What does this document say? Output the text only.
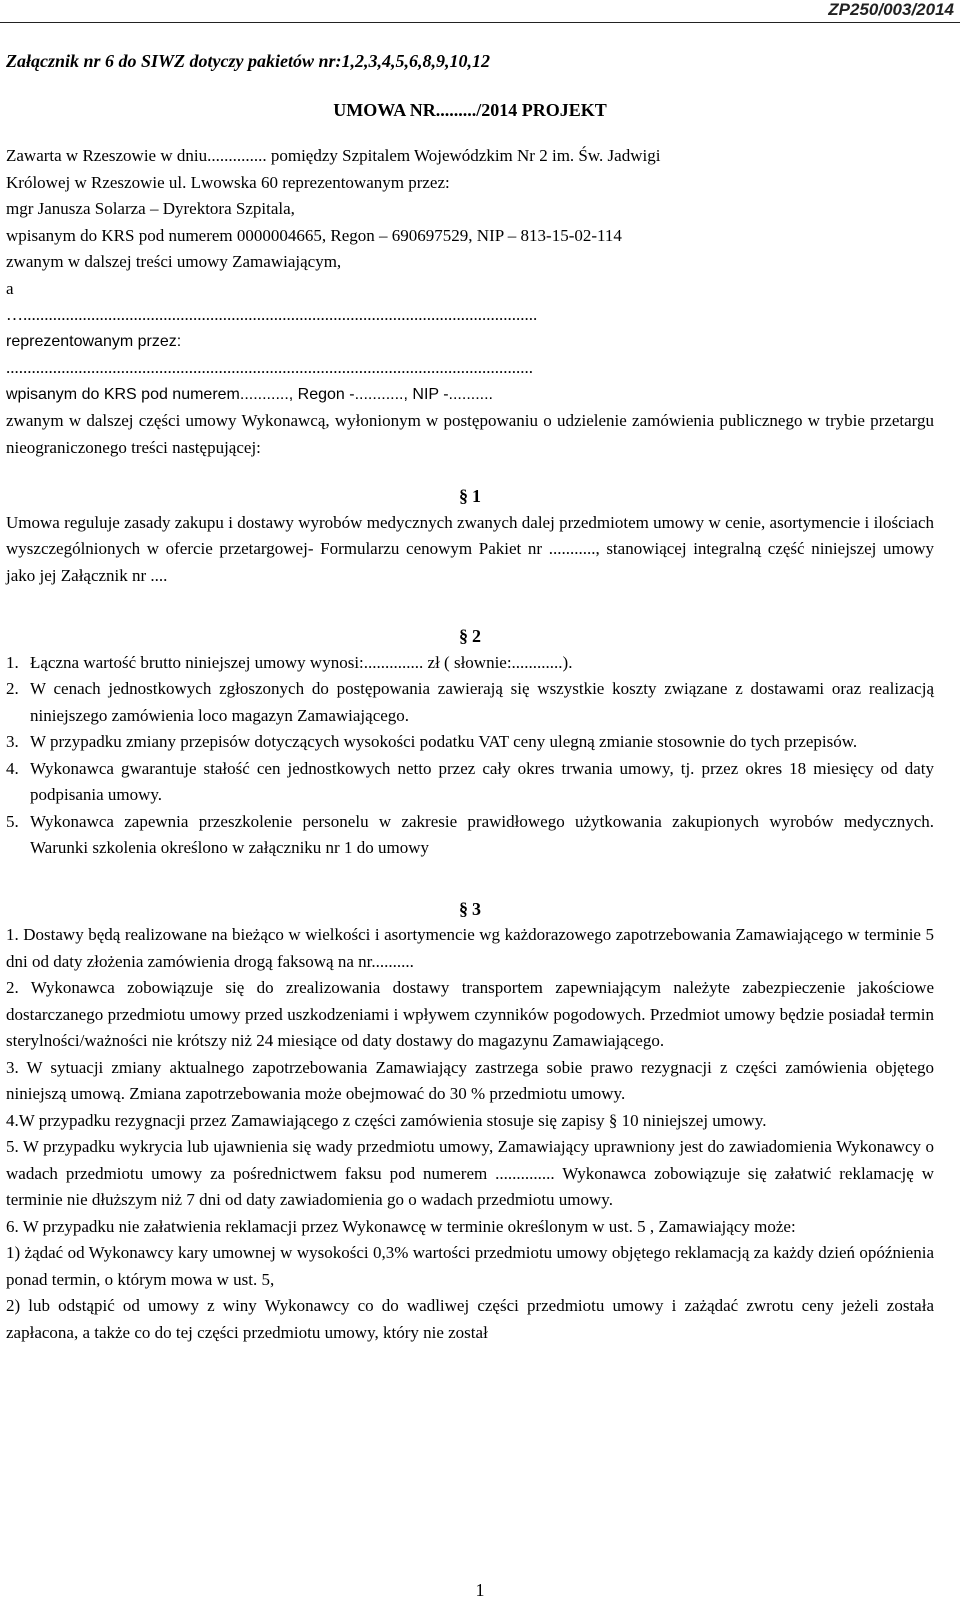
ZP250/003/2014

Załącznik nr 6 do SIWZ dotyczy pakietów nr:1,2,3,4,5,6,8,9,10,12

UMOWA NR........./2014 PROJEKT

Zawarta w Rzeszowie w dniu.............. pomiędzy Szpitalem Wojewódzkim Nr 2 im. Św. Jadwigi

Królowej w Rzeszowie ul. Lwowska 60 reprezentowanym przez:

mgr Janusza Solarza – Dyrektora Szpitala,

wpisanym do KRS pod numerem 0000004665, Regon – 690697529, NIP – 813-15-02-114

zwanym w dalszej treści umowy Zamawiającym,

a

….........................................................................................................................

reprezentowanym przez:

............................................................................................................................

wpisanym do KRS pod numerem..........., Regon -..........., NIP -..........

zwanym w dalszej części umowy Wykonawcą, wyłonionym w postępowaniu o udzielenie zamówienia publicznego w trybie przetargu nieograniczonego treści następującej:

§ 1

Umowa reguluje zasady zakupu i dostawy wyrobów medycznych zwanych dalej przedmiotem umowy w cenie, asortymencie i ilościach wyszczególnionych w ofercie przetargowej- Formularzu cenowym Pakiet nr ..........., stanowiącej integralną część niniejszej umowy jako jej Załącznik nr ....

§ 2
1. Łączna wartość brutto niniejszej umowy wynosi:.............. zł ( słownie:............).
2. W cenach jednostkowych zgłoszonych do postępowania zawierają się wszystkie koszty związane z dostawami oraz realizacją niniejszego zamówienia loco magazyn Zamawiającego.
3. W przypadku zmiany przepisów dotyczących wysokości podatku VAT ceny ulegną zmianie stosownie do tych przepisów.
4. Wykonawca gwarantuje stałość cen jednostkowych netto przez cały okres trwania umowy, tj. przez okres 18 miesięcy od daty podpisania umowy.
5. Wykonawca zapewnia przeszkolenie personelu w zakresie prawidłowego użytkowania zakupionych wyrobów medycznych. Warunki szkolenia określono w załączniku nr 1 do umowy
§ 3

1. Dostawy będą realizowane na bieżąco w wielkości i asortymencie wg każdorazowego zapotrzebowania Zamawiającego w terminie 5 dni od daty złożenia zamówienia drogą faksową na nr..........

2. Wykonawca zobowiązuje się do zrealizowania dostawy transportem zapewniającym należyte zabezpieczenie jakościowe dostarczanego przedmiotu umowy przed uszkodzeniami i wpływem czynników pogodowych. Przedmiot umowy będzie posiadał termin sterylności/ważności nie krótszy niż 24 miesiące od daty dostawy do magazynu Zamawiającego.

3. W sytuacji zmiany aktualnego zapotrzebowania Zamawiający zastrzega sobie prawo rezygnacji z części zamówienia objętego niniejszą umową. Zmiana zapotrzebowania może obejmować do 30 % przedmiotu umowy.

4.W przypadku rezygnacji przez Zamawiającego z części zamówienia stosuje się zapisy § 10 niniejszej umowy.

5. W przypadku wykrycia lub ujawnienia się wady przedmiotu umowy, Zamawiający uprawniony jest do zawiadomienia Wykonawcy o wadach przedmiotu umowy za pośrednictwem faksu pod numerem .............. Wykonawca zobowiązuje się załatwić reklamację w terminie nie dłuższym niż 7 dni od daty zawiadomienia go o wadach przedmiotu umowy.

6. W przypadku nie załatwienia reklamacji przez Wykonawcę w terminie określonym w ust. 5 , Zamawiający może:

1) żądać od Wykonawcy kary umownej w wysokości 0,3% wartości przedmiotu umowy objętego reklamacją za każdy dzień opóźnienia ponad termin, o którym mowa w ust. 5,

2) lub odstąpić od umowy z winy Wykonawcy co do wadliwej części przedmiotu umowy i zażądać zwrotu ceny jeżeli została zapłacona, a także co do tej części przedmiotu umowy, który nie został

1
